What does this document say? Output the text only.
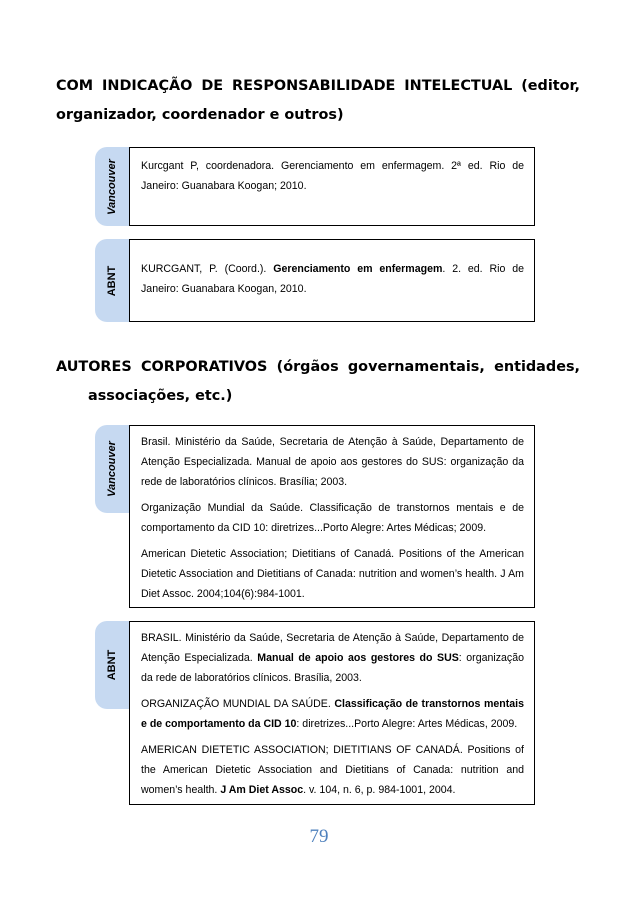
COM INDICAÇÃO DE RESPONSABILIDADE INTELECTUAL (editor,
organizador, coordenador e outros)
Vancouver Kurcgant P, coordenadora. Gerenciamento em enfermagem. 2ª ed. Rio de Janeiro: Guanabara Koogan; 2010.

ABNT KURCGANT, P. (Coord.). Gerenciamento em enfermagem. 2. ed. Rio de Janeiro: Guanabara Koogan, 2010.

AUTORES CORPORATIVOS (órgãos governamentais, entidades,
associações, etc.)
Vancouver Brasil. Ministério da Saúde, Secretaria de Atenção à Saúde, Departamento de Atenção Especializada. Manual de apoio aos gestores do SUS: organização da rede de laboratórios clínicos. Brasília; 2003.

Organização Mundial da Saúde. Classificação de transtornos mentais e de comportamento da CID 10: diretrizes...Porto Alegre: Artes Médicas; 2009.

American Dietetic Association; Dietitians of Canadá. Positions of the American Dietetic Association and Dietitians of Canada: nutrition and women’s health. J Am Diet Assoc. 2004;104(6):984-1001.

ABNT

BRASIL. Ministério da Saúde, Secretaria de Atenção à Saúde, Departamento de Atenção Especializada. Manual de apoio aos gestores do SUS: organização da rede de laboratórios clínicos. Brasília, 2003.

ORGANIZAÇÃO MUNDIAL DA SAÚDE. Classificação de transtornos mentais e de comportamento da CID 10: diretrizes...Porto Alegre: Artes Médicas, 2009.

AMERICAN DIETETIC ASSOCIATION; DIETITIANS OF CANADÁ. Positions of the American Dietetic Association and Dietitians of Canada: nutrition and women’s health. J Am Diet Assoc. v. 104, n. 6, p. 984-1001, 2004.

79
